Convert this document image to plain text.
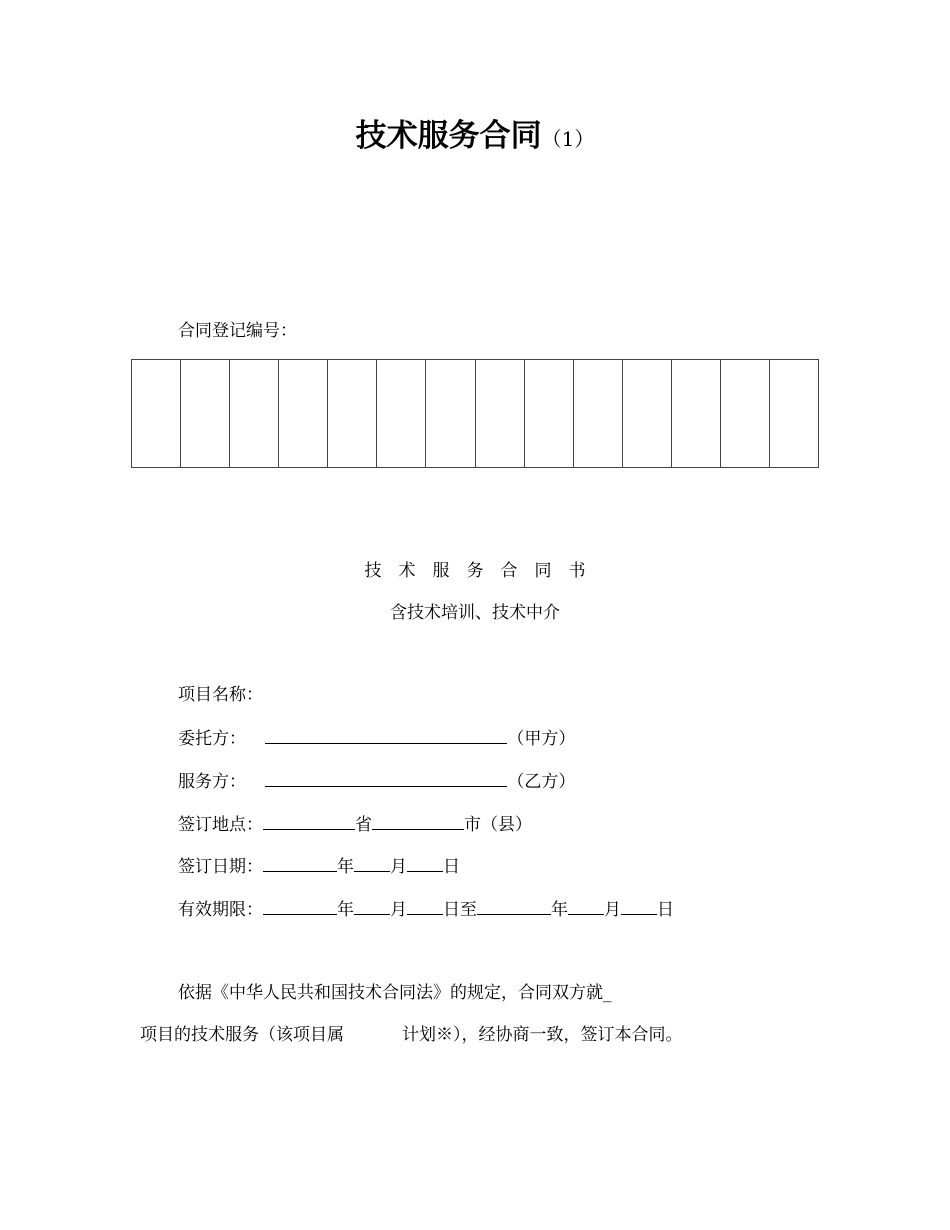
技术服务合同（1）
合同登记编号：
技术服务合同书
含技术培训、技术中介
项目名称：
委托方：	（甲方）
服务方：	（乙方）
签订地点：	省	市（县）
签订日期：	年 月 日
有效期限：	年 月 日至	年 月 日
依据《中华人民共和国技术合同法》的规定，合同双方就_
项目的技术服务（该项目属	计划※），经协商一致，签订本合同。
